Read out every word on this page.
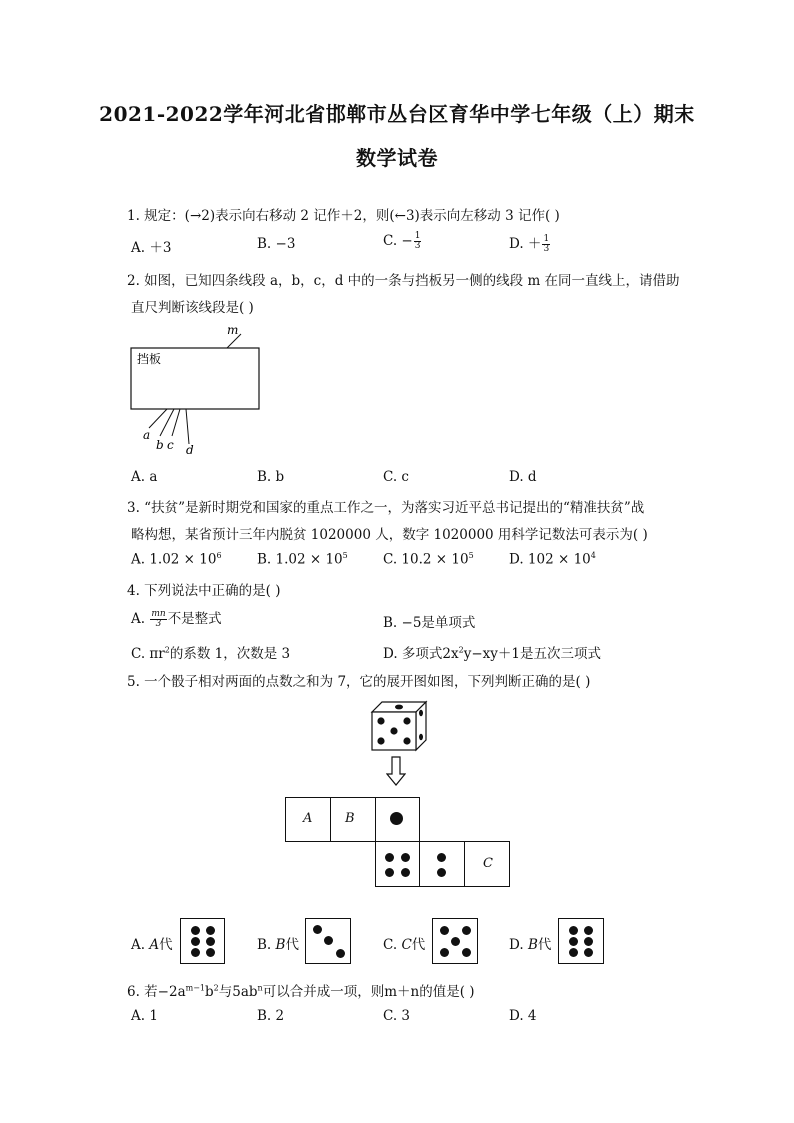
2021-2022学年河北省邯郸市丛台区育华中学七年级（上）期末
数学试卷
1. 规定：(→2)表示向右移动 2 记作＋2，则(←3)表示向左移动 3 记作( )
A. ＋3	B. −3	C. − $\frac{1}{3}$	D. ＋ $\frac{1}{3}$
2. 如图，已知四条线段 a，b，c，d 中的一条与挡板另一侧的线段 m 在同一直线上，请借助
直尺判断该线段是( )
挡板
m
a
b c d
A. a	B. b	C. c	D. d
3. “扶贫”是新时期党和国家的重点工作之一，为落实习近平总书记提出的“精准扶贫”战
略构想，某省预计三年内脱贫 1020000 人，数字 1020000 用科学记数法可表示为( )
A. $1.02 \times 10^6$	B. $1.02 \times 10^5$	C. $10.2 \times 10^5$	D. $102 \times 10^4$
4. 下列说法中正确的是( )
A. $\frac{mn}{3}$ 不是整式	B. −5是单项式
C. $\pi r^2$的系数 1，次数是 3	D. 多项式$2x^2y-xy+1$是五次三项式
5. 一个骰子相对两面的点数之和为 7，它的展开图如图，下列判断正确的是( )
A	B
C
A. A代	B. B代	C. C代	D. B代
6. 若$-2a^{m-1}b^2$与$5ab^n$可以合并成一项，则m＋n的值是( )
A. 1	B. 2	C. 3	D. 4
